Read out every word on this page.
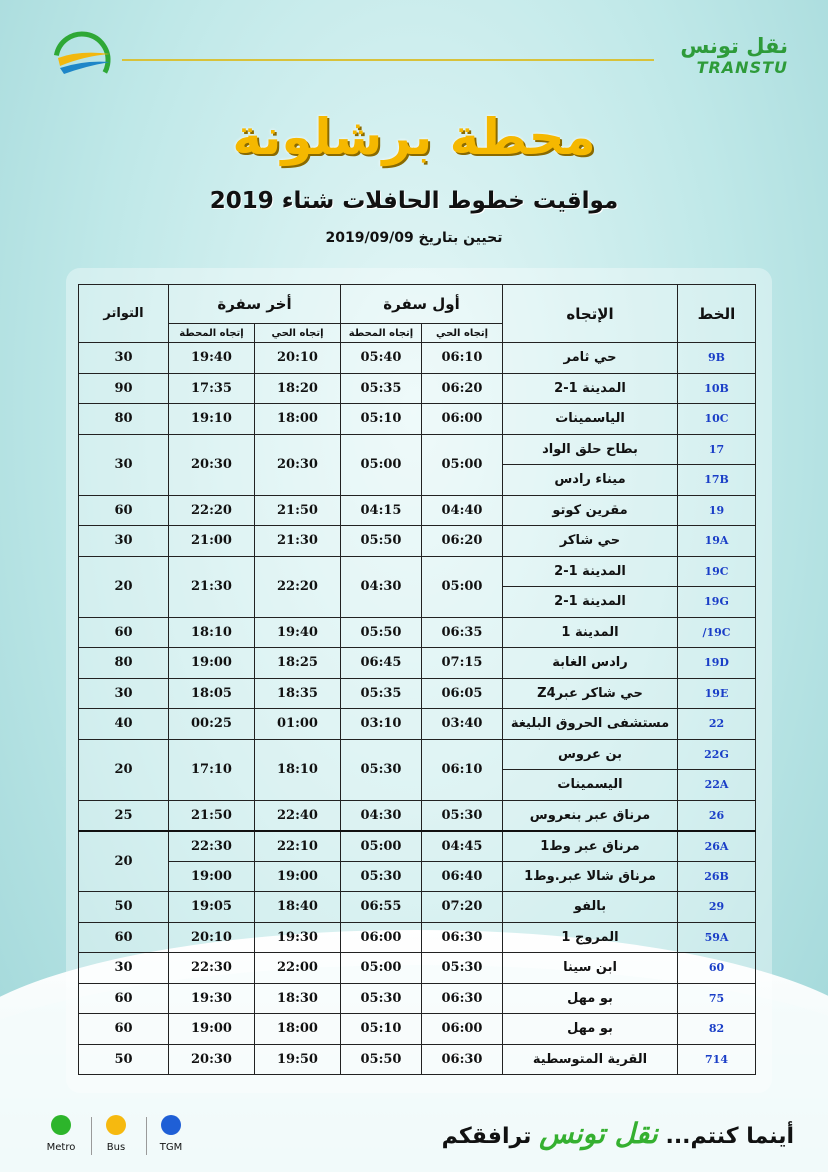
نقل تونس
TRANSTU
محطة برشلونة
مواقيت خطوط الحافلات شتاء 2019
تحيين بتاريخ 2019/09/09
الخط	الإتجاه	أول سفرة		أخر سفرة		التواتر
		إتجاه الحي	إتجاه المحطة	إتجاه الحي	إتجاه المحطة	
9B	حي ثامر	06:10	05:40	20:10	19:40	30
10B	المدينة 1-2	06:20	05:35	18:20	17:35	90
10C	الياسمينات	06:00	05:10	18:00	19:10	80
17	بطاح حلق الواد	05:00	05:00	20:30	20:30	30
17B	ميناء رادس					
19	مقرين كوتو	04:40	04:15	21:50	22:20	60
19A	حي شاكر	06:20	05:50	21:30	21:00	30
19C	المدينة 1-2	05:00	04:30	22:20	21:30	20
19G	المدينة 1-2					
19C/	المدينة 1	06:35	05:50	19:40	18:10	60
19D	رادس الغابة	07:15	06:45	18:25	19:00	80
19E	حي شاكر عبرZ4	06:05	05:35	18:35	18:05	30
22	مستشفى الحروق البليغة	03:40	03:10	01:00	00:25	40
22G	بن عروس	06:10	05:30	18:10	17:10	20
22A	اليسمينات					
26	مرناق عبر بنعروس	05:30	04:30	22:40	21:50	25
26A	مرناق عبر وط1	04:45	05:00	22:10	22:30	20
26B	مرناق شالا عبر.وط1	06:40	05:30	19:00	19:00	
29	بالفو	07:20	06:55	18:40	19:05	50
59A	المروج 1	06:30	06:00	19:30	20:10	60
60	ابن سينا	05:30	05:00	22:00	22:30	30
75	بو مهل	06:30	05:30	18:30	19:30	60
82	بو مهل	06:00	05:10	18:00	19:00	60
714	القرية المتوسطية	06:30	05:50	19:50	20:30	50
Metro	Bus	TGM	أينما كنتم... نقل تونس ترافقكم
